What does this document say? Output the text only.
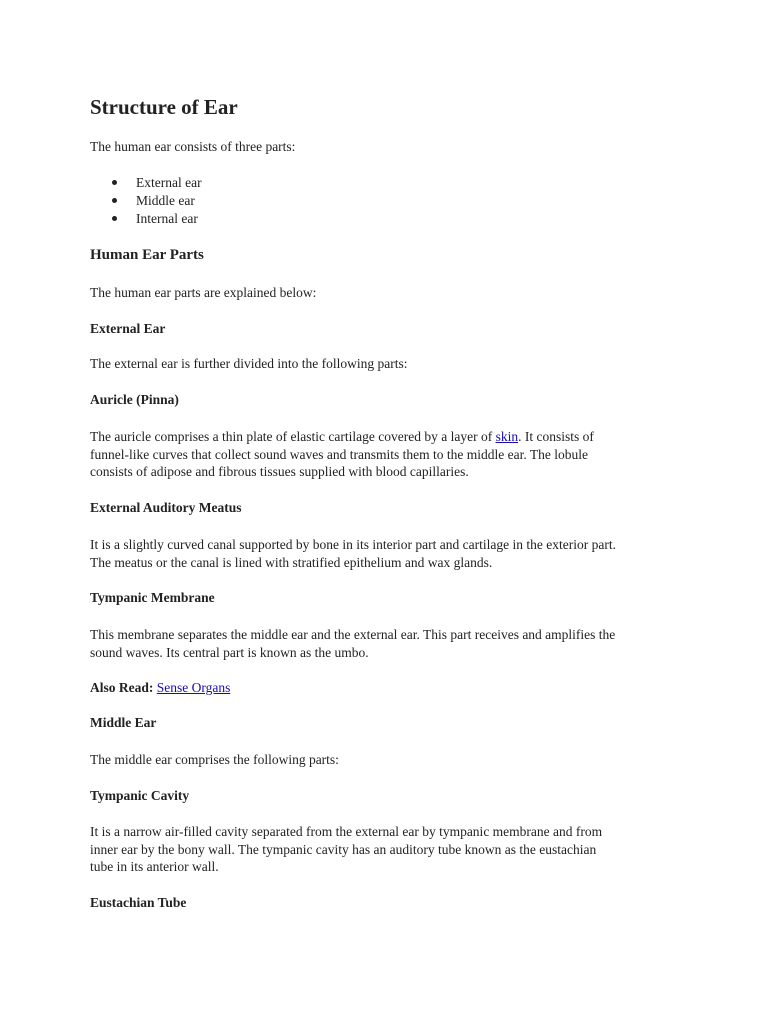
Structure of Ear
The human ear consists of three parts:
External ear
Middle ear
Internal ear
Human Ear Parts
The human ear parts are explained below:
External Ear
The external ear is further divided into the following parts:
Auricle (Pinna)
The auricle comprises a thin plate of elastic cartilage covered by a layer of skin. It consists of
funnel-like curves that collect sound waves and transmits them to the middle ear. The lobule
consists of adipose and fibrous tissues supplied with blood capillaries.
External Auditory Meatus
It is a slightly curved canal supported by bone in its interior part and cartilage in the exterior part.
The meatus or the canal is lined with stratified epithelium and wax glands.
Tympanic Membrane
This membrane separates the middle ear and the external ear. This part receives and amplifies the
sound waves. Its central part is known as the umbo.
Also Read: Sense Organs
Middle Ear
The middle ear comprises the following parts:
Tympanic Cavity
It is a narrow air-filled cavity separated from the external ear by tympanic membrane and from
inner ear by the bony wall. The tympanic cavity has an auditory tube known as the eustachian
tube in its anterior wall.
Eustachian Tube
